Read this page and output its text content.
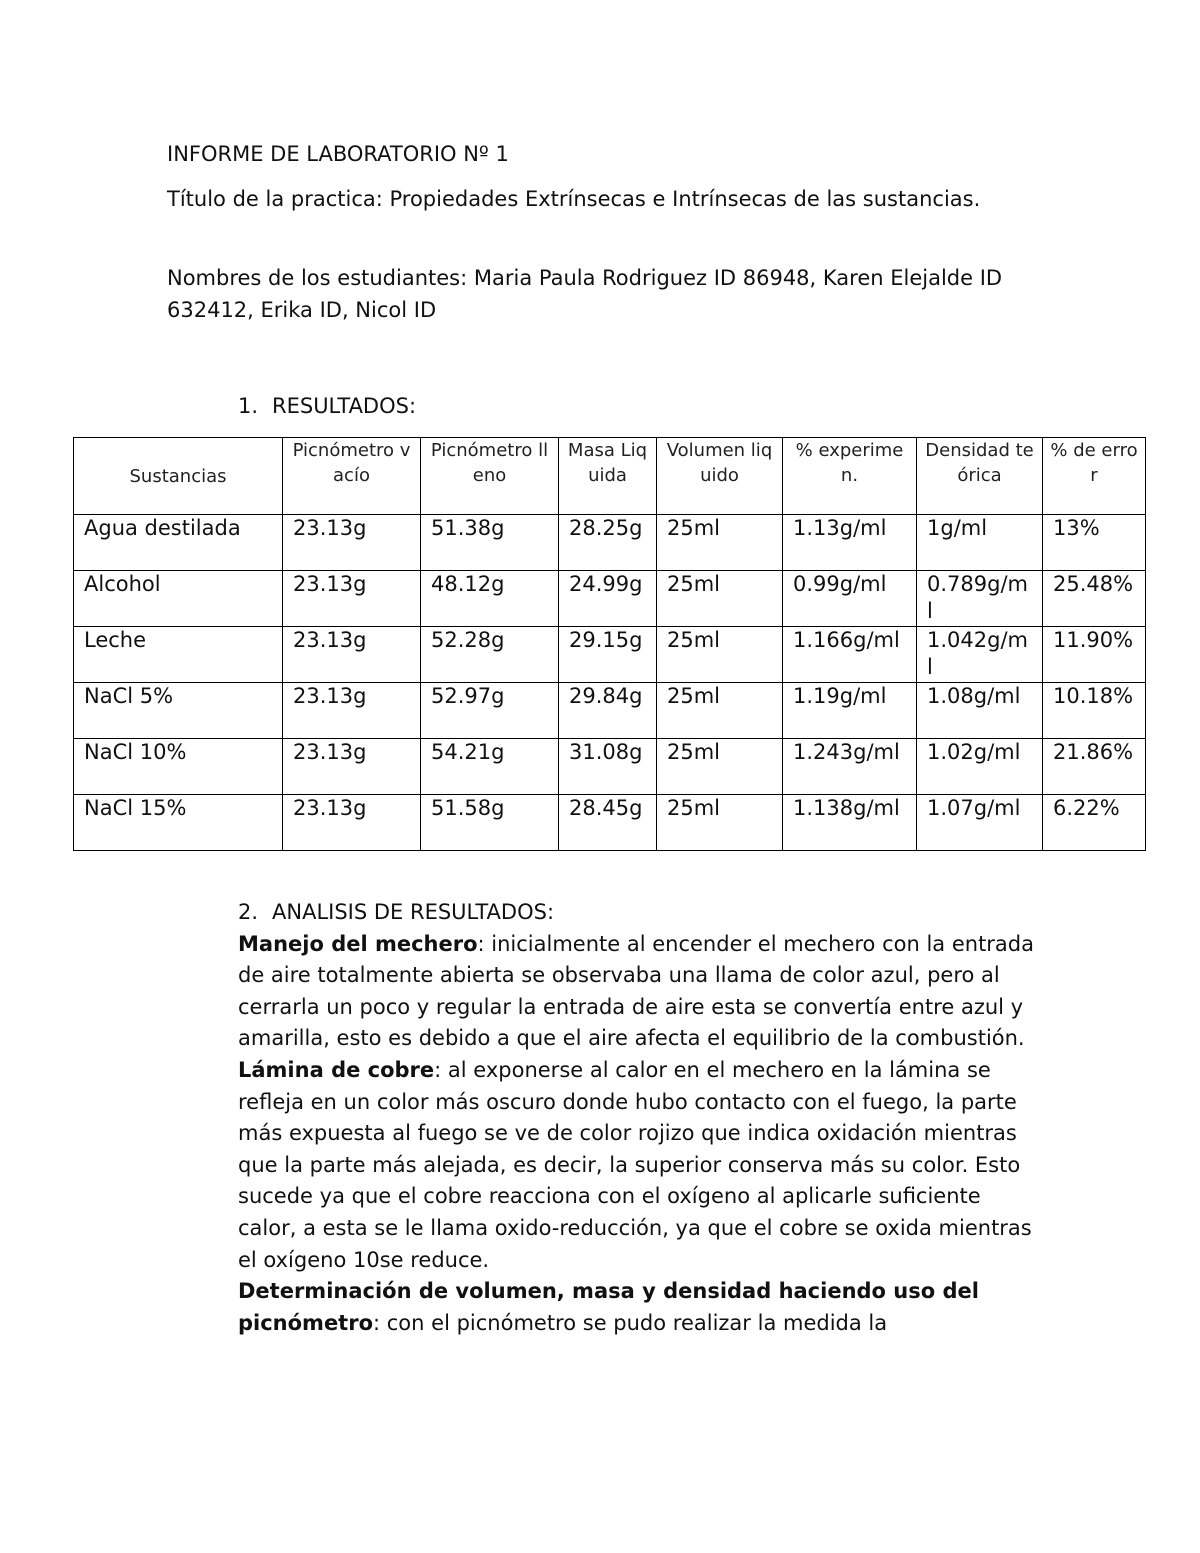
INFORME DE LABORATORIO Nº 1

Título de la practica: Propiedades Extrínsecas e Intrínsecas de las sustancias.

Nombres de los estudiantes: Maria Paula Rodriguez ID 86948, Karen Elejalde ID 632412, Erika ID, Nicol ID

1. RESULTADOS:

Sustancias	Picnómetro vacío	Picnómetro lleno	Masa Liquida	Volumen liquido	% experimen.	Densidad teórica	% de error
Agua destilada	23.13g	51.38g	28.25g	25ml	1.13g/ml	1g/ml	13%
Alcohol	23.13g	48.12g	24.99g	25ml	0.99g/ml	0.789g/ml	25.48%
Leche	23.13g	52.28g	29.15g	25ml	1.166g/ml	1.042g/ml	11.90%
NaCl 5%	23.13g	52.97g	29.84g	25ml	1.19g/ml	1.08g/ml	10.18%
NaCl 10%	23.13g	54.21g	31.08g	25ml	1.243g/ml	1.02g/ml	21.86%
NaCl 15%	23.13g	51.58g	28.45g	25ml	1.138g/ml	1.07g/ml	6.22%

2. ANALISIS DE RESULTADOS:

Manejo del mechero: inicialmente al encender el mechero con la entrada de aire totalmente abierta se observaba una llama de color azul, pero al cerrarla un poco y regular la entrada de aire esta se convertía entre azul y amarilla, esto es debido a que el aire afecta el equilibrio de la combustión.

Lámina de cobre: al exponerse al calor en el mechero en la lámina se refleja en un color más oscuro donde hubo contacto con el fuego, la parte más expuesta al fuego se ve de color rojizo que indica oxidación mientras que la parte más alejada, es decir, la superior conserva más su color. Esto sucede ya que el cobre reacciona con el oxígeno al aplicarle suficiente calor, a esta se le llama oxido-reducción, ya que el cobre se oxida mientras el oxígeno 10se reduce.

Determinación de volumen, masa y densidad haciendo uso del picnómetro: con el picnómetro se pudo realizar la medida la
